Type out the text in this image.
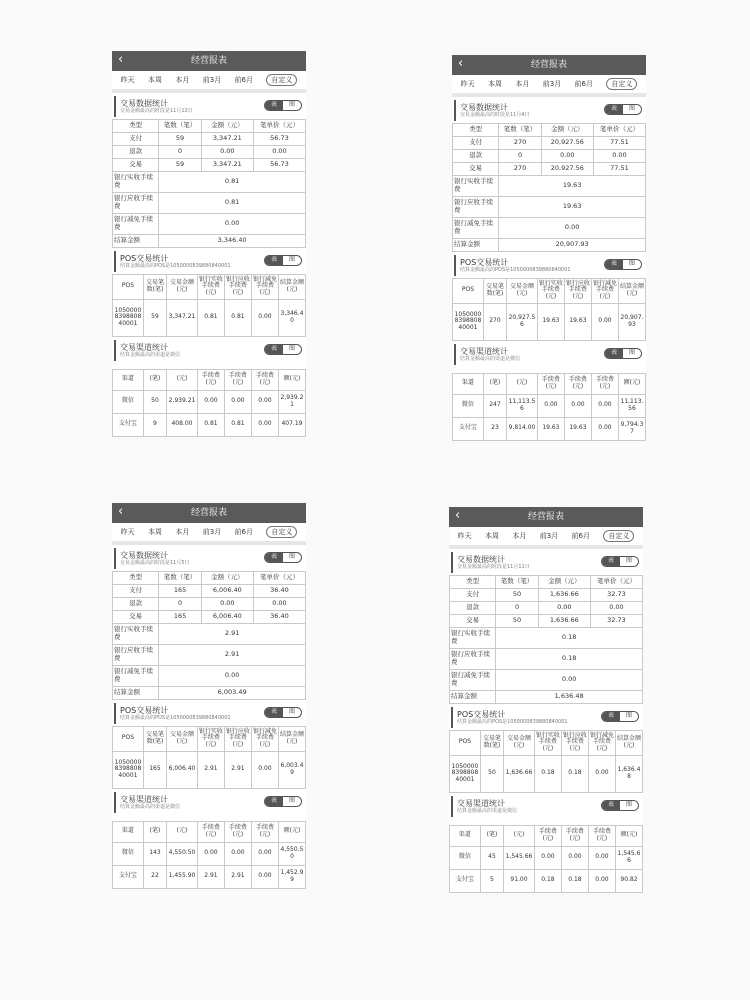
‹	经营报表
昨天 本周 本月 前3月 前6月	自定义
交易数据统计
交易金额最高的时段是11月12日
表	图
类型	笔数（笔）	金额（元）	笔单价（元）
支付	59	3,347.21	56.73
退款	0	0.00	0.00
交易	59	3,347.21	56.73
银行实收手续费	0.81		
银行应收手续费	0.81		
银行减免手续费	0.00		
结算金额	3,346.40		
POS交易统计
结算金额最高的POS是1050000839880840001
表	图
POS	交易笔数(笔)	交易金额(元)	银行实收手续费(元)	银行应收手续费(元)	银行减免手续费(元)	结算金额(元)
1050000839880840001	59	3,347.21	0.81	0.81	0.00	3,346.40
交易渠道统计
结算金额最高的渠道是微信
表	图
渠道	(笔)	(元)	手续费(元)	手续费(元)	手续费(元)	额(元)
微信	50	2,939.21	0.00	0.00	0.00	2,939.21
支付宝	9	408.00	0.81	0.81	0.00	407.19
‹	经营报表
昨天 本周 本月 前3月 前6月	自定义
交易数据统计
交易金额最高的时段是11月4日
表	图
类型	笔数（笔）	金额（元）	笔单价（元）
支付	270	20,927.56	77.51
退款	0	0.00	0.00
交易	270	20,927.56	77.51
银行实收手续费	19.63		
银行应收手续费	19.63		
银行减免手续费	0.00		
结算金额	20,907.93		
POS交易统计
结算金额最高的POS是1050000839880840001
表	图
POS	交易笔数(笔)	交易金额(元)	银行实收手续费(元)	银行应收手续费(元)	银行减免手续费(元)	结算金额(元)
1050000839880840001	270	20,927.56	19.63	19.63	0.00	20,907.93
交易渠道统计
结算金额最高的渠道是微信
表	图
渠道	(笔)	(元)	手续费(元)	手续费(元)	手续费(元)	额(元)
微信	247	11,113.56	0.00	0.00	0.00	11,113.56
支付宝	23	9,814.00	19.63	19.63	0.00	9,794.37
‹	经营报表
昨天 本周 本月 前3月 前6月	自定义
交易数据统计
交易金额最高的时段是11月5日
表	图
类型	笔数（笔）	金额（元）	笔单价（元）
支付	165	6,006.40	36.40
退款	0	0.00	0.00
交易	165	6,006.40	36.40
银行实收手续费	2.91		
银行应收手续费	2.91		
银行减免手续费	0.00		
结算金额	6,003.49		
POS交易统计
结算金额最高的POS是1050000839880840001
表	图
POS	交易笔数(笔)	交易金额(元)	银行实收手续费(元)	银行应收手续费(元)	银行减免手续费(元)	结算金额(元)
1050000839880840001	165	6,006.40	2.91	2.91	0.00	6,003.49
交易渠道统计
结算金额最高的渠道是微信
表	图
渠道	(笔)	(元)	手续费(元)	手续费(元)	手续费(元)	额(元)
微信	143	4,550.50	0.00	0.00	0.00	4,550.50
支付宝	22	1,455.90	2.91	2.91	0.00	1,452.99
‹	经营报表
昨天 本周 本月 前3月 前6月	自定义
交易数据统计
交易金额最高的时段是11月11日
表	图
类型	笔数（笔）	金额（元）	笔单价（元）
支付	50	1,636.66	32.73
退款	0	0.00	0.00
交易	50	1,636.66	32.73
银行实收手续费	0.18		
银行应收手续费	0.18		
银行减免手续费	0.00		
结算金额	1,636.48		
POS交易统计
结算金额最高的POS是1050000839880840001
表	图
POS	交易笔数(笔)	交易金额(元)	银行实收手续费(元)	银行应收手续费(元)	银行减免手续费(元)	结算金额(元)
1050000839880840001	50	1,636.66	0.18	0.18	0.00	1,636.48
交易渠道统计
结算金额最高的渠道是微信
表	图
渠道	(笔)	(元)	手续费(元)	手续费(元)	手续费(元)	额(元)
微信	45	1,545.66	0.00	0.00	0.00	1,545.66
支付宝	5	91.00	0.18	0.18	0.00	90.82
